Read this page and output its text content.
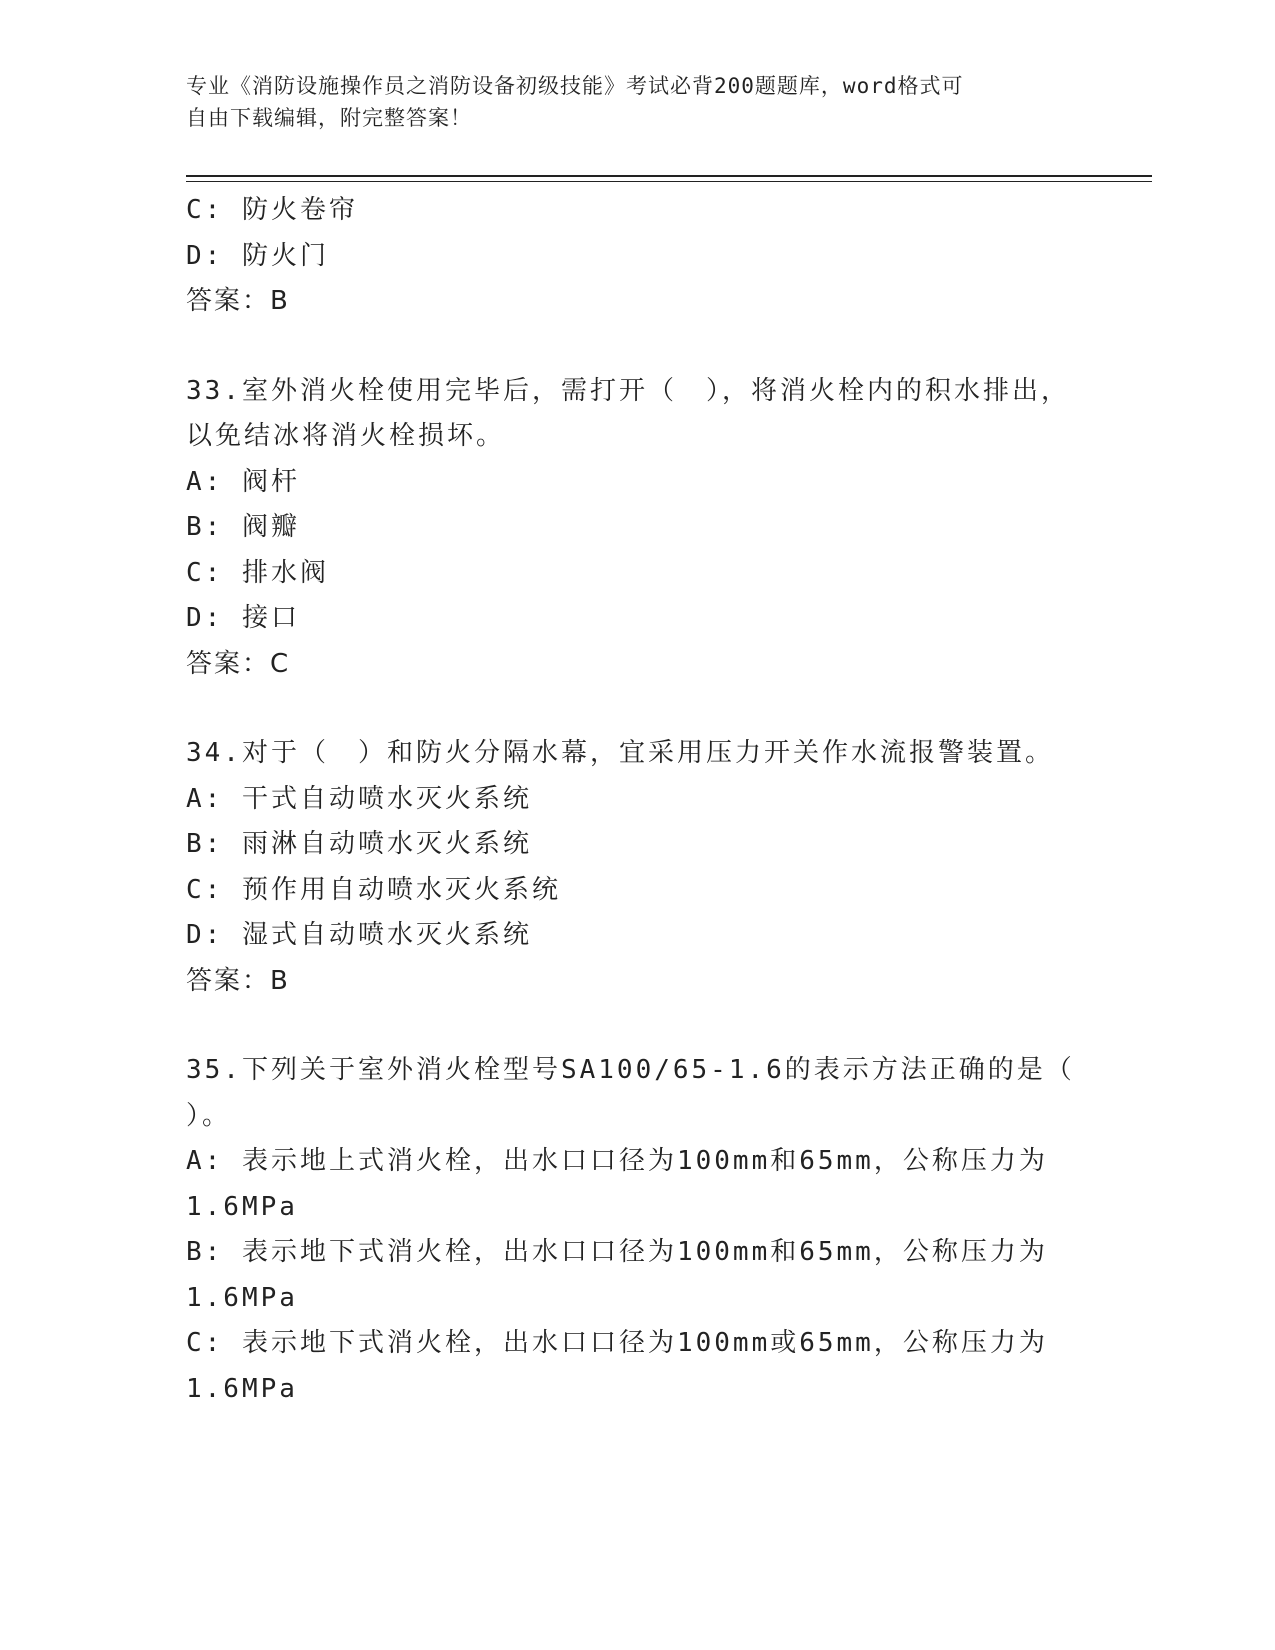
专业《消防设施操作员之消防设备初级技能》考试必背200题题库，word格式可
自由下载编辑，附完整答案！
C: 防火卷帘
D: 防火门
答案：B
33.室外消火栓使用完毕后，需打开（　），将消火栓内的积水排出，
以免结冰将消火栓损坏。
A: 阀杆
B: 阀瓣
C: 排水阀
D: 接口
答案：C
34.对于（　）和防火分隔水幕，宜采用压力开关作水流报警装置。
A: 干式自动喷水灭火系统
B: 雨淋自动喷水灭火系统
C: 预作用自动喷水灭火系统
D: 湿式自动喷水灭火系统
答案：B
35.下列关于室外消火栓型号SA100/65-1.6的表示方法正确的是（
）。
A: 表示地上式消火栓，出水口口径为100mm和65mm，公称压力为
1.6MPa
B: 表示地下式消火栓，出水口口径为100mm和65mm，公称压力为
1.6MPa
C: 表示地下式消火栓，出水口口径为100mm或65mm，公称压力为
1.6MPa
